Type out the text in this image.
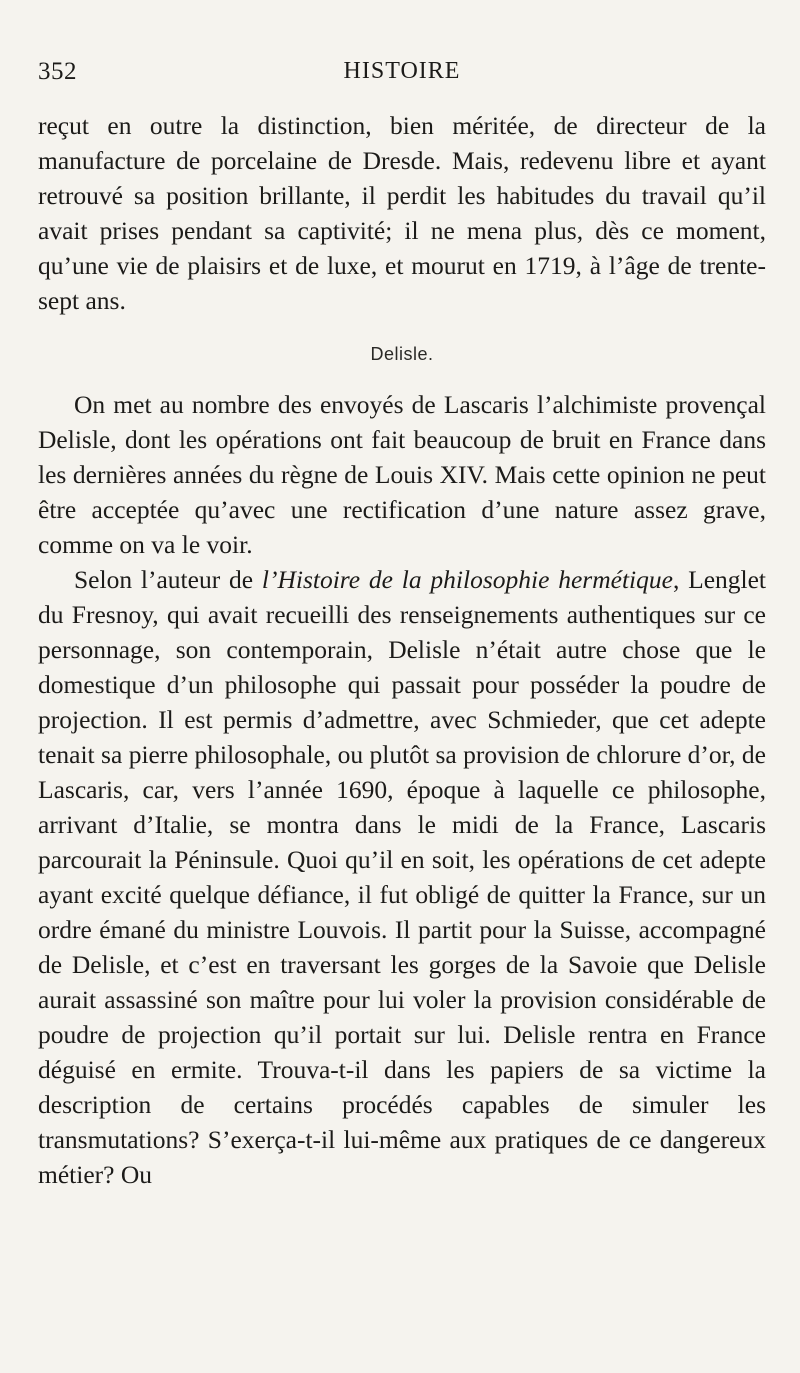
352	HISTOIRE

reçut en outre la distinction, bien méritée, de directeur de la manufacture de porcelaine de Dresde. Mais, redevenu libre et ayant retrouvé sa position brillante, il perdit les habitudes du travail qu’il avait prises pendant sa captivité; il ne mena plus, dès ce moment, qu’une vie de plaisirs et de luxe, et mourut en 1719, à l’âge de trente-sept ans.

Delisle.

On met au nombre des envoyés de Lascaris l’alchimiste provençal Delisle, dont les opérations ont fait beaucoup de bruit en France dans les dernières années du règne de Louis XIV. Mais cette opinion ne peut être acceptée qu’avec une rectification d’une nature assez grave, comme on va le voir.

Selon l’auteur de l’Histoire de la philosophie hermétique, Lenglet du Fresnoy, qui avait recueilli des renseignements authentiques sur ce personnage, son contemporain, Delisle n’était autre chose que le domestique d’un philosophe qui passait pour posséder la poudre de projection. Il est permis d’admettre, avec Schmieder, que cet adepte tenait sa pierre philosophale, ou plutôt sa provision de chlorure d’or, de Lascaris, car, vers l’année 1690, époque à laquelle ce philosophe, arrivant d’Italie, se montra dans le midi de la France, Lascaris parcourait la Péninsule. Quoi qu’il en soit, les opérations de cet adepte ayant excité quelque défiance, il fut obligé de quitter la France, sur un ordre émané du ministre Louvois. Il partit pour la Suisse, accompagné de Delisle, et c’est en traversant les gorges de la Savoie que Delisle aurait assassiné son maître pour lui voler la provision considérable de poudre de projection qu’il portait sur lui. Delisle rentra en France déguisé en ermite. Trouva-t-il dans les papiers de sa victime la description de certains procédés capables de simuler les transmutations? S’exerça-t-il lui-même aux pratiques de ce dangereux métier? Ou
